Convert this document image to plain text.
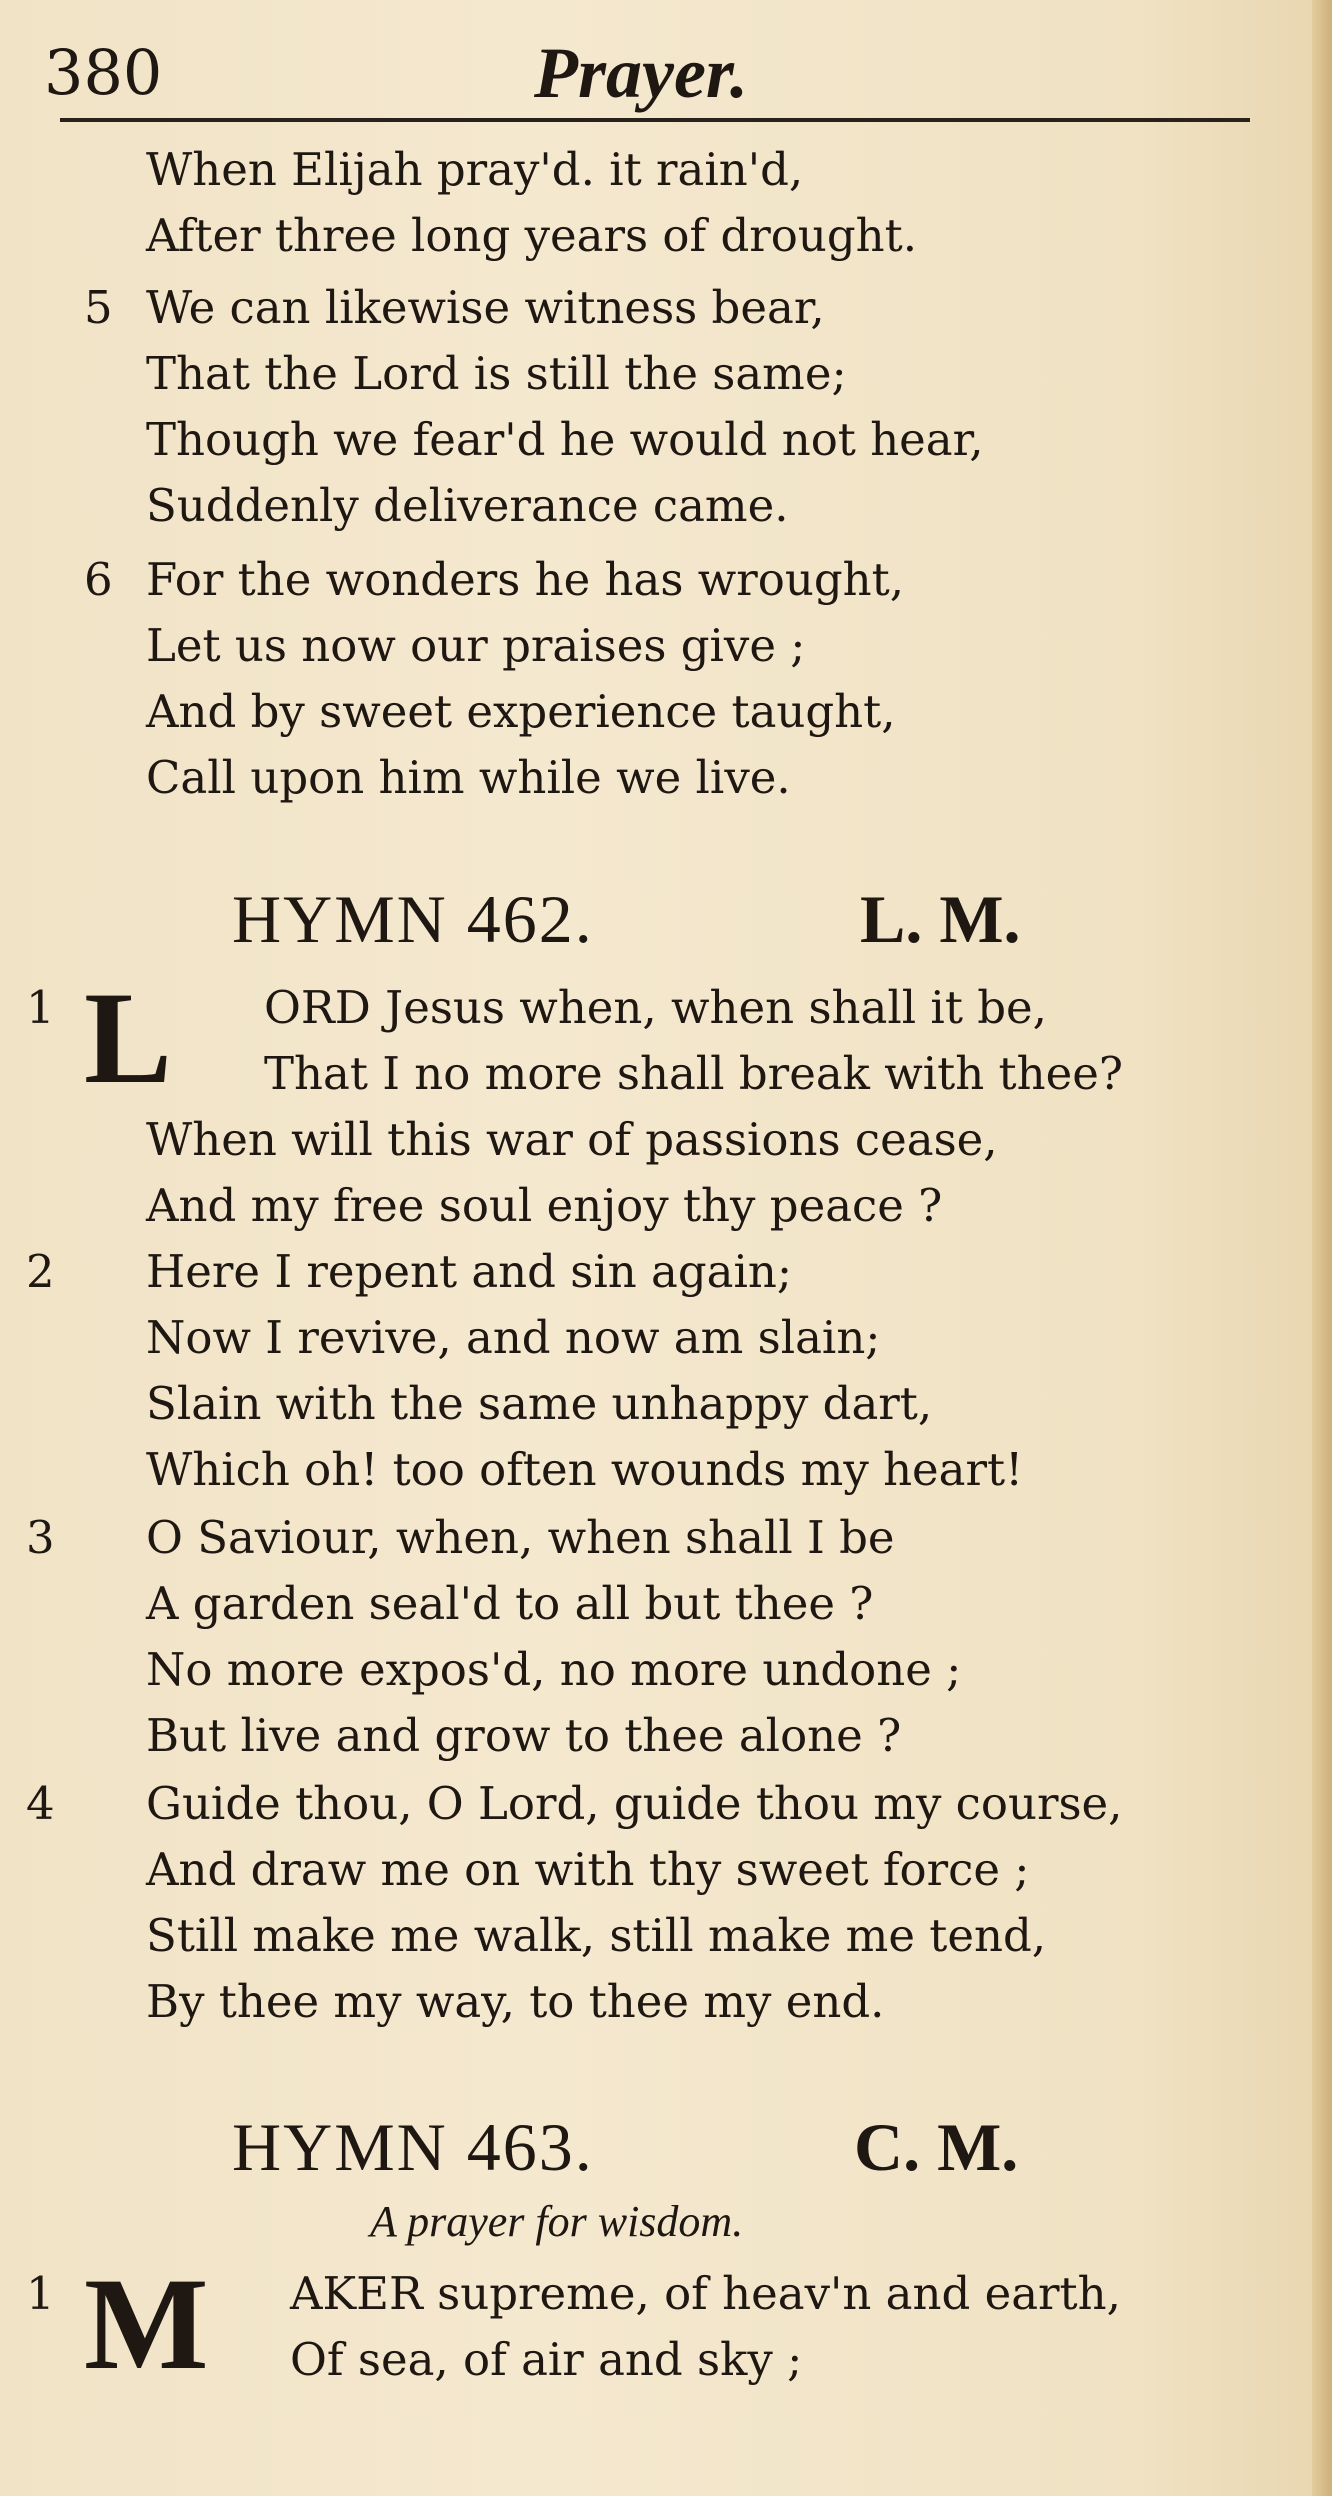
380	Prayer.
When Elijah pray'd. it rain'd,
After three long years of drought.
5 We can likewise witness bear,
That the Lord is still the same;
Though we fear'd he would not hear,
Suddenly deliverance came.
6 For the wonders he has wrought,
Let us now our praises give ;
And by sweet experience taught,
Call upon him while we live.
HYMN 462.	L. M.
1 L ORD Jesus when, when shall it be,
That I no more shall break with thee?
When will this war of passions cease,
And my free soul enjoy thy peace ?
2 Here I repent and sin again;
Now I revive, and now am slain;
Slain with the same unhappy dart,
Which oh! too often wounds my heart!
3 O Saviour, when, when shall I be
A garden seal'd to all but thee ?
No more expos'd, no more undone ;
But live and grow to thee alone ?
4 Guide thou, O Lord, guide thou my course,
And draw me on with thy sweet force ;
Still make me walk, still make me tend,
By thee my way, to thee my end.
HYMN 463.	C. M.
A prayer for wisdom.
1 M AKER supreme, of heav'n and earth,
Of sea, of air and sky ;
